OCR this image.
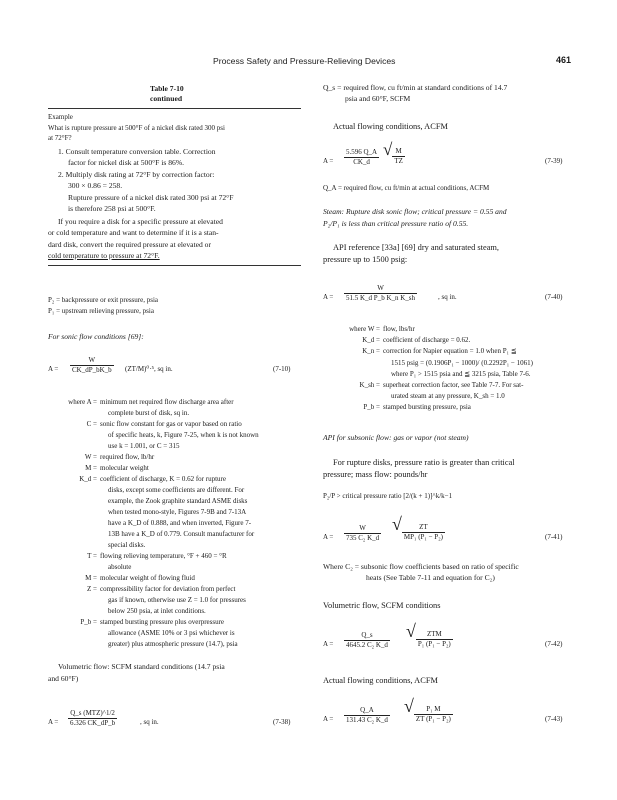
Process Safety and Pressure-Relieving Devices	461
Table 7-10
continued
Example
What is rupture pressure at 500°F of a nickel disk rated 300 psi
at 72°F?
1. Consult temperature conversion table. Correction
factor for nickel disk at 500°F is 86%.
2. Multiply disk rating at 72°F by correction factor:
300 × 0.86 = 258.
Rupture pressure of a nickel disk rated 300 psi at 72°F
is therefore 258 psi at 500°F.
If you require a disk for a specific pressure at elevated
or cold temperature and want to determine if it is a stan-
dard disk, convert the required pressure at elevated or
cold temperature to pressure at 72°F.
P₂ = backpressure or exit pressure, psia
P₁ = upstream relieving pressure, psia
For sonic flow conditions [69]:
$A = \frac{W}{CK\_dP\_bK\_b} (ZT/M)^0\cdot^5$, sq in.	(7-10)
where A = minimum net required flow discharge area after
complete burst of disk, sq in.
C = sonic flow constant for gas or vapor based on ratio
of specific heats, k, Figure 7-25, when k is not known
use k = 1.001, or C = 315
W = required flow, lb/hr
M = molecular weight
K_d = coefficient of discharge, K = 0.62 for rupture
disks, except some coefficients are different. For
example, the Zook graphite standard ASME disks
when tested mono-style, Figures 7-9B and 7-13A
have a K_D of 0.888, and when inverted, Figure 7-
13B have a K_D of 0.779. Consult manufacturer for
special disks.
T = flowing relieving temperature, °F + 460 = °R
absolute
M = molecular weight of flowing fluid
Z = compressibility factor for deviation from perfect
gas if known, otherwise use Z = 1.0 for pressures
below 250 psia, at inlet conditions.
P_b = stamped bursting pressure plus overpressure
allowance (ASME 10% or 3 psi whichever is
greater) plus atmospheric pressure (14.7), psia
Volumetric flow: SCFM standard conditions (14.7 psia
and 60°F)
A =
Q_s (MTZ)^1/2
6.326 CK_dP_b	, sq in.	(7-38)
Q_s = required flow, cu ft/min at standard conditions of 14.7
psia and 60°F, SCFM
Actual flowing conditions, ACFM
$A = \frac{5.596 Q\_A}{CK\_d}$ √ $\frac{M}{TZ}$	(7-39)
Q_A = required flow, cu ft/min at actual conditions, ACFM
Steam: Rupture disk sonic flow; critical pressure = 0.55 and
P₂/P₁ is less than critical pressure ratio of 0.55.
API reference [33a] [69] dry and saturated steam,
pressure up to 1500 psig:
$A = \frac{W}{\text{51.5 K\_d P\_b K\_n K\_sh}}$	, sq in.	(7-40)
where W = flow, lbs/hr
K_d = coefficient of discharge = 0.62.
K_n = correction for Napier equation = 1.0 when P₁ ≦
1515 psig = (0.1906P₁ − 1000)/ (0.2292P₁ − 1061)
where P₁ > 1515 psia and ≦ 3215 psia, Table 7-6.
K_sh = superheat correction factor, see Table 7-7. For sat-
urated steam at any pressure, K_sh = 1.0
P_b = stamped bursting pressure, psia
API for subsonic flow: gas or vapor (not steam)
For rupture disks, pressure ratio is greater than critical
pressure; mass flow: pounds/hr
P₂/P > critical pressure ratio [2/(k + 1)]^k/k−1
$A = \frac{W}{\text{735 C₂ K\_d}}$ √ $\frac{ZT}{\text{MP₁ (P₁ − P₂)}}$	(7-41)
Where C₂ = subsonic flow coefficients based on ratio of specific
heats (See Table 7-11 and equation for C₂)
Volumetric flow, SCFM conditions
$A = \frac{Q\_s}{\text{4645.2 C₂ K\_d}}$ √ $\frac{\text{ZTM}}{\text{P₁ (P₁ − P₂)}}$	(7-42)
Actual flowing conditions, ACFM
$A = \frac{Q\_A}{\text{131.43 C₂ K\_d}}$ √ $\frac{\text{P₁ M}}{\text{ZT (P₁ − P₂)}}$	(7-43)
